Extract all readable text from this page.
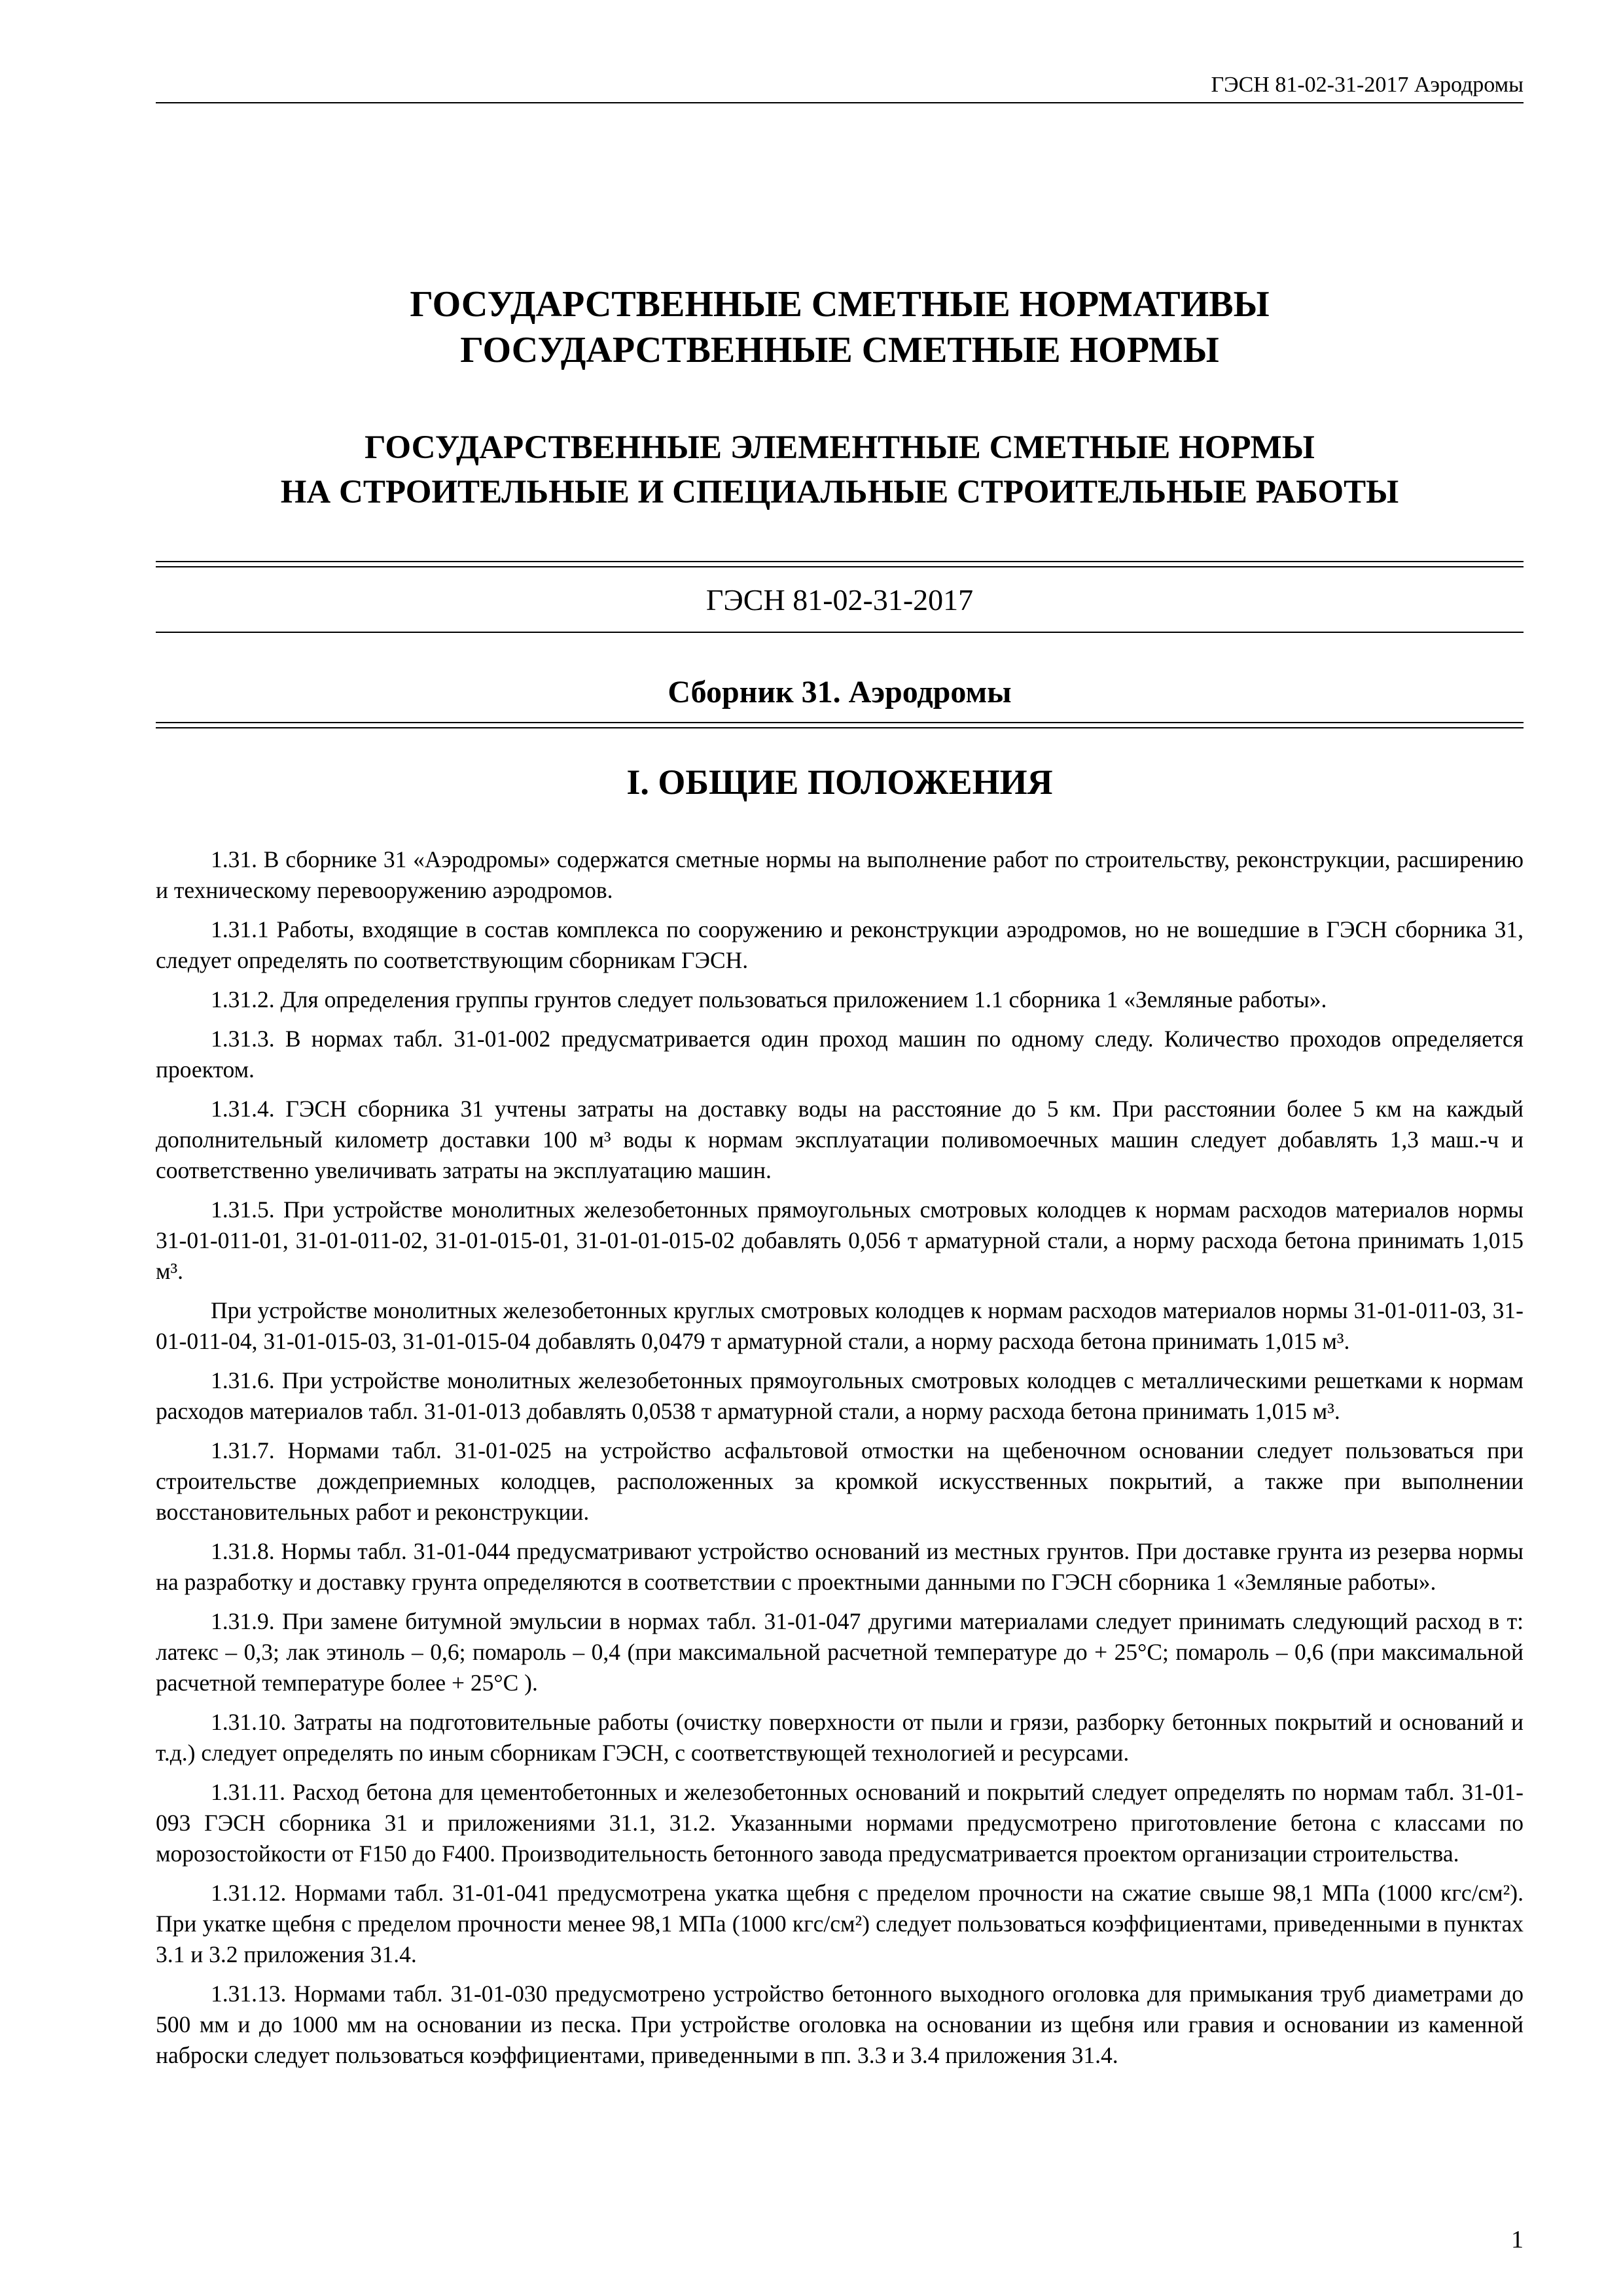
ГЭСН 81-02-31-2017 Аэродромы

ГОСУДАРСТВЕННЫЕ СМЕТНЫЕ НОРМАТИВЫ

ГОСУДАРСТВЕННЫЕ СМЕТНЫЕ НОРМЫ

ГОСУДАРСТВЕННЫЕ ЭЛЕМЕНТНЫЕ СМЕТНЫЕ НОРМЫ

НА СТРОИТЕЛЬНЫЕ И СПЕЦИАЛЬНЫЕ СТРОИТЕЛЬНЫЕ РАБОТЫ

ГЭСН 81-02-31-2017
Сборник 31. Аэродромы
I. ОБЩИЕ ПОЛОЖЕНИЯ

1.31. В сборнике 31 «Аэродромы» содержатся сметные нормы на выполнение работ по строительству, реконструкции, расширению и техническому перевооружению аэродромов.

1.31.1 Работы, входящие в состав комплекса по сооружению и реконструкции аэродромов, но не вошедшие в ГЭСН сборника 31, следует определять по соответствующим сборникам ГЭСН.

1.31.2. Для определения группы грунтов следует пользоваться приложением 1.1 сборника 1 «Земляные работы».

1.31.3. В нормах табл. 31-01-002 предусматривается один проход машин по одному следу. Количество проходов определяется проектом.

1.31.4. ГЭСН сборника 31 учтены затраты на доставку воды на расстояние до 5 км. При расстоянии более 5 км на каждый дополнительный километр доставки 100 м³ воды к нормам эксплуатации поливомоечных машин следует добавлять 1,3 маш.-ч и соответственно увеличивать затраты на эксплуатацию машин.

1.31.5. При устройстве монолитных железобетонных прямоугольных смотровых колодцев к нормам расходов материалов нормы 31-01-011-01, 31-01-011-02, 31-01-015-01, 31-01-01-015-02 добавлять 0,056 т арматурной стали, а норму расхода бетона принимать 1,015 м³.

При устройстве монолитных железобетонных круглых смотровых колодцев к нормам расходов материалов нормы 31-01-011-03, 31-01-011-04, 31-01-015-03, 31-01-015-04 добавлять 0,0479 т арматурной стали, а норму расхода бетона принимать 1,015 м³.

1.31.6. При устройстве монолитных железобетонных прямоугольных смотровых колодцев с металлическими решетками к нормам расходов материалов табл. 31-01-013 добавлять 0,0538 т арматурной стали, а норму расхода бетона принимать 1,015 м³.

1.31.7. Нормами табл. 31-01-025 на устройство асфальтовой отмостки на щебеночном основании следует пользоваться при строительстве дождеприемных колодцев, расположенных за кромкой искусственных покрытий, а также при выполнении восстановительных работ и реконструкции.

1.31.8. Нормы табл. 31-01-044 предусматривают устройство оснований из местных грунтов. При доставке грунта из резерва нормы на разработку и доставку грунта определяются в соответствии с проектными данными по ГЭСН сборника 1 «Земляные работы».

1.31.9. При замене битумной эмульсии в нормах табл. 31-01-047 другими материалами следует принимать следующий расход в т: латекс – 0,3; лак этиноль – 0,6; помароль – 0,4 (при максимальной расчетной температуре до + 25°С; помароль – 0,6 (при максимальной расчетной температуре более + 25°С ).

1.31.10. Затраты на подготовительные работы (очистку поверхности от пыли и грязи, разборку бетонных покрытий и оснований и т.д.) следует определять по иным сборникам ГЭСН, с соответствующей технологией и ресурсами.

1.31.11. Расход бетона для цементобетонных и железобетонных оснований и покрытий следует определять по нормам табл. 31-01-093 ГЭСН сборника 31 и приложениями 31.1, 31.2. Указанными нормами предусмотрено приготовление бетона с классами по морозостойкости от F150 до F400. Производительность бетонного завода предусматривается проектом организации строительства.

1.31.12. Нормами табл. 31-01-041 предусмотрена укатка щебня с пределом прочности на сжатие свыше 98,1 МПа (1000 кгс/см²). При укатке щебня с пределом прочности менее 98,1 МПа (1000 кгс/см²) следует пользоваться коэффициентами, приведенными в пунктах 3.1 и 3.2 приложения 31.4.

1.31.13. Нормами табл. 31-01-030 предусмотрено устройство бетонного выходного оголовка для примыкания труб диаметрами до 500 мм и до 1000 мм на основании из песка. При устройстве оголовка на основании из щебня или гравия и основании из каменной наброски следует пользоваться коэффициентами, приведенными в пп. 3.3 и 3.4 приложения 31.4.

1
